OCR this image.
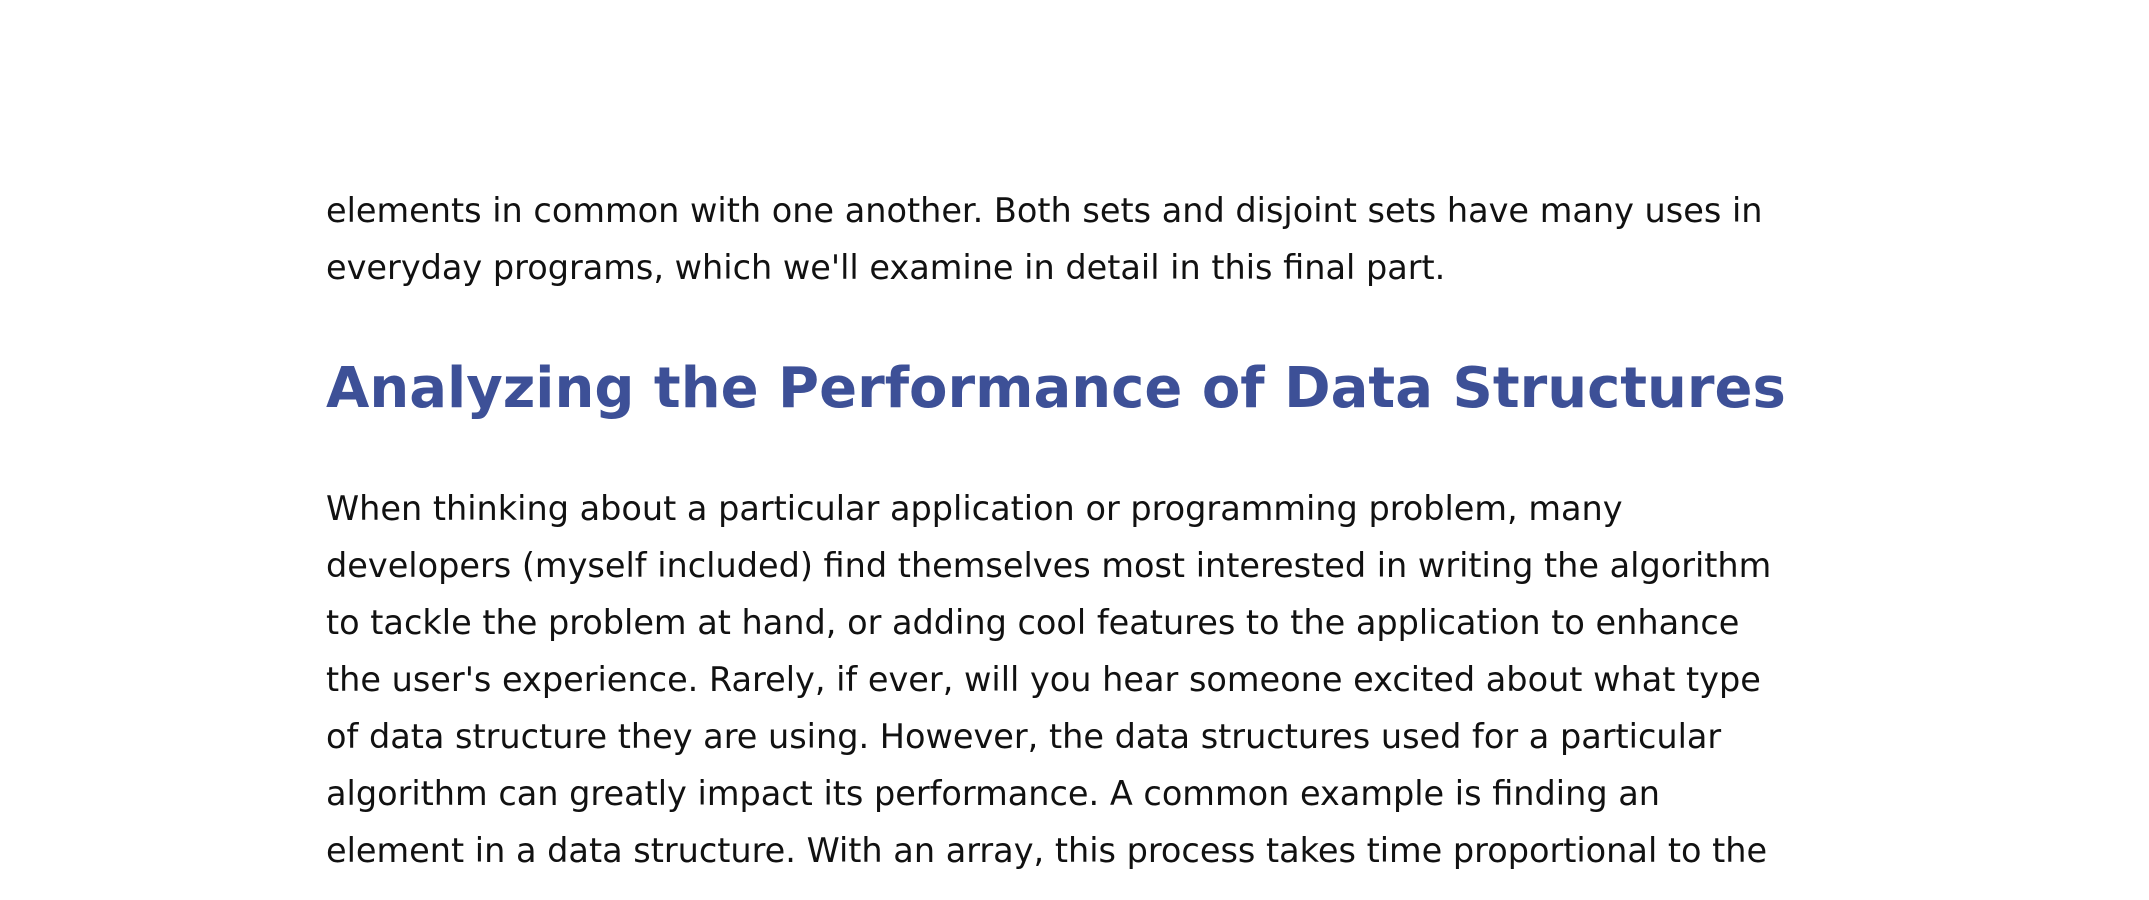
elements in common with one another. Both sets and disjoint sets have many uses in
everyday programs, which we'll examine in detail in this final part.

Analyzing the Performance of Data Structures

When thinking about a particular application or programming problem, many
developers (myself included) find themselves most interested in writing the algorithm
to tackle the problem at hand, or adding cool features to the application to enhance
the user's experience. Rarely, if ever, will you hear someone excited about what type
of data structure they are using. However, the data structures used for a particular
algorithm can greatly impact its performance. A common example is finding an
element in a data structure. With an array, this process takes time proportional to the
